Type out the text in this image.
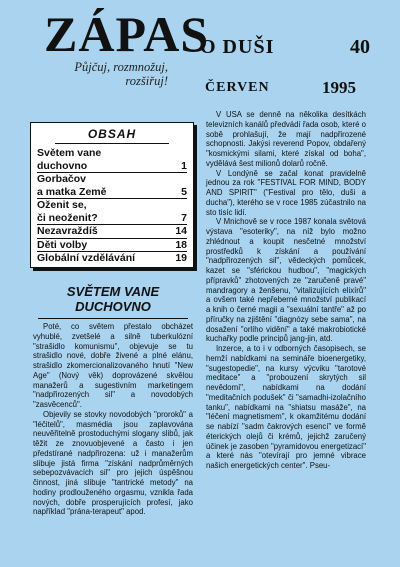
ZÁPAS
Půjčuj, rozmnožuj,
rozšiřuj!
O DUŠI	40
ČERVEN	1995
OBSAH
Světem vane
duchovno	1
Gorbačov
a matka Země	5
Oženit se,
či neoženit?	7
Nezavraždíš	14
Děti volby	18
Globální vzdělávání	19
SVĚTEM VANE
DUCHOVNO

Poté, co světem přestalo obcházet vyhublé, zvetšelé a silně tuberkulózní "strašidlo komunismu", objevuje se tu strašidlo nové, dobře živené a plné elánu, strašidlo zkomercionalizovaného hnutí "New Age" (Nový věk) doprovázené skvělou manažerů a sugestivním marketingem "nadpřirozených sil" a novodobých "zasvěcenců".

Objevily se stovky novodobých "proroků" a "léčitelů", masmédia jsou zaplavována neuvěřitelně prostoduchými slogany slibů, jak těžit ze znovuobjevené a často i jen předstírané nadpřirozena: už i manažerům slibuje jistá firma "získání nadprůměrných sebepozvávacích sil" pro jejich úspěšnou činnost, jiná slibuje "tantrické metody" na hodiny prodlouženého orgasmu, vznikla řada nových, dobře prosperujících profesí, jako například "prána-terapeut" apod.

V USA se denně na několika desítkách televizních kanálů předvádí řada osob, které o sobě prohlašují, že mají nadpřirozené schopnosti. Jakýsi reverend Popov, obdařený "kosmickými silami, které získal od boha", vydělává šest milionů dolarů ročně.

V Londýně se začal konat pravidelně jednou za rok "FESTIVAL FOR MIND, BODY AND SPIRIT" ("Festival pro tělo, duši a ducha"), kterého se v roce 1985 zúčastnilo na sto tisíc lidí.

V Mnichově se v roce 1987 konala světová výstava "esoteriky", na níž bylo možno zhlédnout a koupit nesčetné množství prostředků k získání a používání "nadpřirozených sil", vědeckých pomůcek, kazet se "sférickou hudbou", "magických přípravků" zhotovených ze "zaručeně pravé" mandragory a ženšenu, "vitalizujících elixírů" a ovšem také nepřeberné množství publikací a knih o černé magii a "sexuální tantře" až po příručky na zjištění "diagnózy sebe sama", na dosažení "orlího vidění" a také makrobiotické kuchařky podle principů jang-jin, atd.

Inzerce, a to i v odborných časopisech, se hemží nabídkami na semináře bioenergetiky, "sugestopedie", na kursy výcviku "tarotové meditace" a "probouzení skrytých sil nevědomí", nabídkami na dodání "meditačních podušek" či "samadhi-izolačního tanku", nabídkami na "shiatsu masáže", na "léčení magnetismem", k okamžitému dodání se nabízí "sadm čakrových esencí" ve formě éterických olejů či krémů, jejichž zaručený účinek je zasoben "pyramidovou energetizací" a které nás "otevírají pro jemné vibrace našich energetických center". Pseu-
